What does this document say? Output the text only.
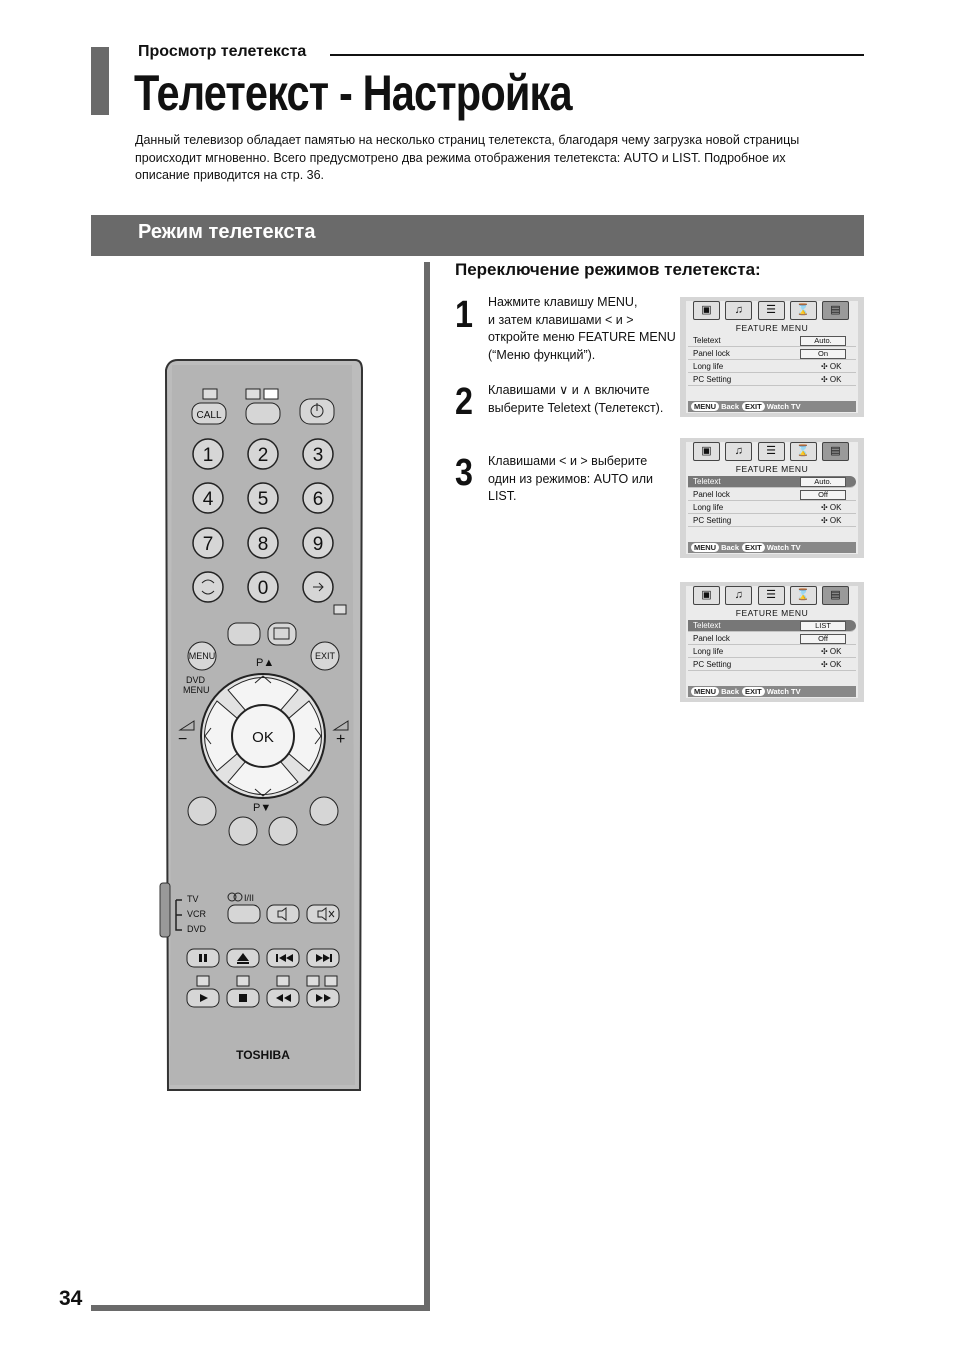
Просмотр телетекста
Телетекст - Настройка
Данный телевизор обладает памятью на несколько страниц телетекста, благодаря чему загрузка новой страницы
происходит мгновенно. Всего предусмотрено два режима отображения телетекста: AUTO и LIST. Подробное их
описание приводится на стр. 36.
Режим телетекста
34
Переключение режимов телетекста:
1 Нажмите клавишу MENU,
и затем клавишами < и >
откройте меню FEATURE MENU
(“Меню функций”).
2 Клавишами ∨ и ∧ включите
выберите Teletext (Телетекст).
3 Клавишами < и > выберите
один из режимов: AUTO или
LIST.
▣	♫	☰	⌛	▤
FEATURE MENU
Teletext	Auto.
Panel lock	On
Long life	✣ OK
PC Setting	✣ OK
MENU Back EXIT Watch TV
▣	♫	☰	⌛	▤
FEATURE MENU
Teletext	Auto.
Panel lock	Off
Long life	✣ OK
PC Setting	✣ OK
MENU Back EXIT Watch TV
▣	♫	☰	⌛	▤
FEATURE MENU
Teletext	LIST
Panel lock	Off
Long life	✣ OK
PC Setting	✣ OK
MENU Back EXIT Watch TV
CALL
1 2 3
4 5 6
7 8 9
0
MENU	EXIT
P▲
DVD
MENU
OK
P▼
−	+
TV
VCR
DVD
I/II
TOSHIBA
